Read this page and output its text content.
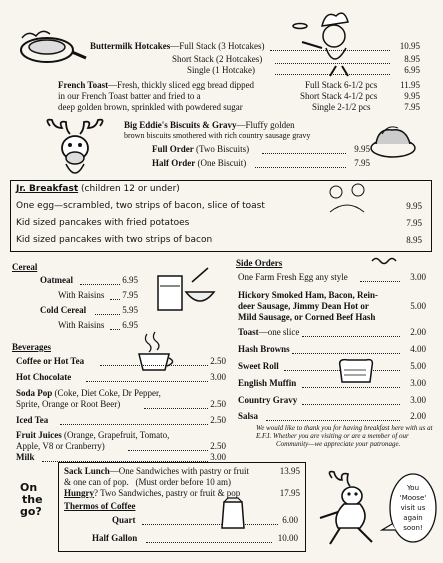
Buttermilk Hotcakes—Full Stack (3 Hotcakes)	10.95
Short Stack (2 Hotcakes)	8.95
Single (1 Hotcake)	6.95
French Toast—Fresh, thickly sliced egg bread dipped
in our French Toast batter and fried to a
deep golden brown, sprinkled with powdered sugar
Full Stack 6-1/2 pcs	11.95
Short Stack 4-1/2 pcs	9.95
Single 2-1/2 pcs	7.95
Big Eddie's Biscuits & Gravy—Fluffy golden
brown biscuits smothered with rich country sausage gravy
Full Order (Two Biscuits)	9.95
Half Order (One Biscuit)	7.95
Jr. Breakfast (children 12 or under)
One egg—scrambled, two strips of bacon, slice of toast	9.95
Kid sized pancakes with fried potatoes	7.95
Kid sized pancakes with two strips of bacon	8.95
Cereal
Oatmeal	6.95
With Raisins	7.95
Cold Cereal	5.95
With Raisins	6.95
Beverages
Coffee or Hot Tea	2.50
Hot Chocolate	3.00
Soda Pop (Coke, Diet Coke, Dr Pepper,
Sprite, Orange or Root Beer)	2.50
Iced Tea	2.50
Fruit Juices (Orange, Grapefruit, Tomato,
Apple, V8 or Cranberry)	2.50
Milk	3.00
Side Orders
One Farm Fresh Egg any style	3.00
Hickory Smoked Ham, Bacon, Rein-
deer Sausage, Jimmy Dean Hot or
Mild Sausage, or Corned Beef Hash
5.00
Toast—one slice	2.00
Hash Browns	4.00
Sweet Roll	5.00
English Muffin	3.00
Country Gravy	3.00
Salsa	2.00
We would like to thank you for having breakfast here with us at
E.F.I. Whether you are visiting or are a member of our
Community—we appreciate your patronage.
On
the
go?
Sack Lunch—One Sandwiches with pastry or fruit	13.95
& one can of pop. (Must order before 10 am)
Hungry? Two Sandwiches, pastry or fruit & pop	17.95
Thermos of Coffee
Quart	6.00
Half Gallon	10.00
You
'Moose'
visit us
again
soon!
